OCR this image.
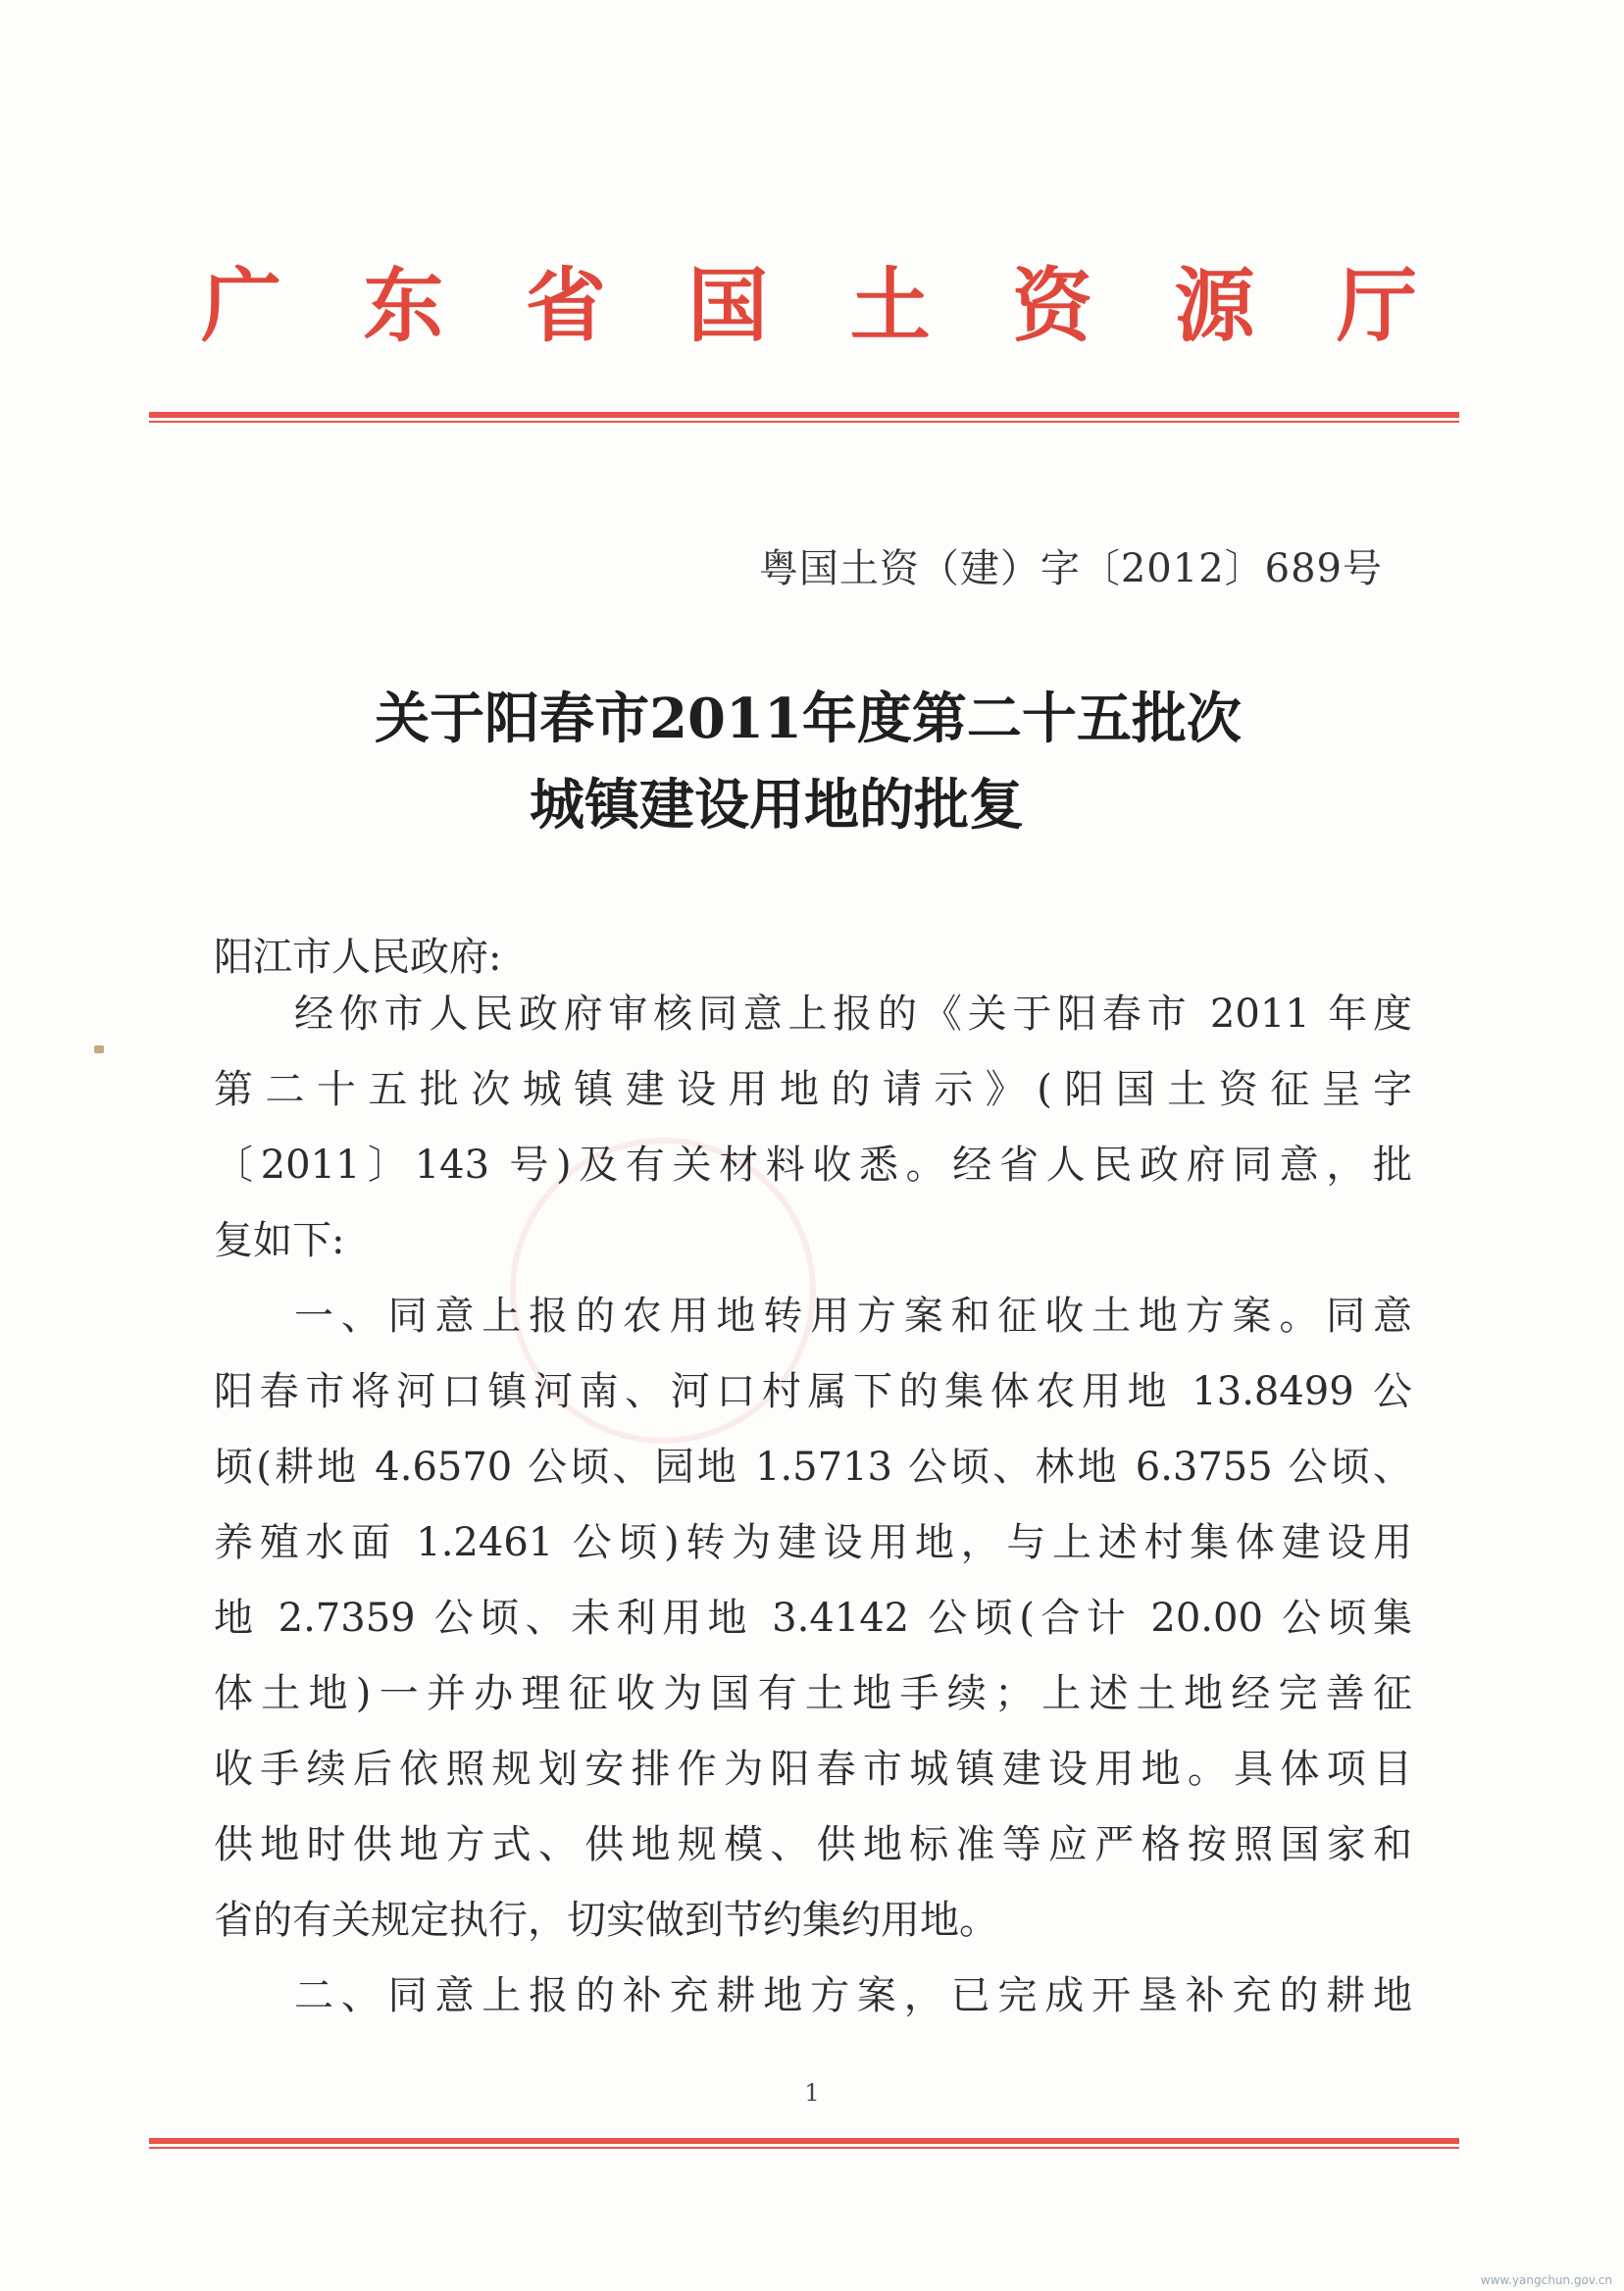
广 东 省 国 土 资 源 厅
粤国土资（建）字〔2012〕689号
关于阳春市2011年度第二十五批次
城镇建设用地的批复
阳江市人民政府:
经你市人民政府审核同意上报的《关于阳春市 2011 年度
第二十五批次城镇建设用地的请示》(阳国土资征呈字
〔2011〕143 号)及有关材料收悉。经省人民政府同意，批
复如下:
一、同意上报的农用地转用方案和征收土地方案。同意
阳春市将河口镇河南、河口村属下的集体农用地 13.8499 公
顷(耕地 4.6570 公顷、园地 1.5713 公顷、林地 6.3755 公顷、
养殖水面 1.2461 公顷)转为建设用地，与上述村集体建设用
地 2.7359 公顷、未利用地 3.4142 公顷(合计 20.00 公顷集
体土地)一并办理征收为国有土地手续；上述土地经完善征
收手续后依照规划安排作为阳春市城镇建设用地。具体项目
供地时供地方式、供地规模、供地标准等应严格按照国家和
省的有关规定执行，切实做到节约集约用地。
二、同意上报的补充耕地方案，已完成开垦补充的耕地
1
www.yangchun.gov.cn
